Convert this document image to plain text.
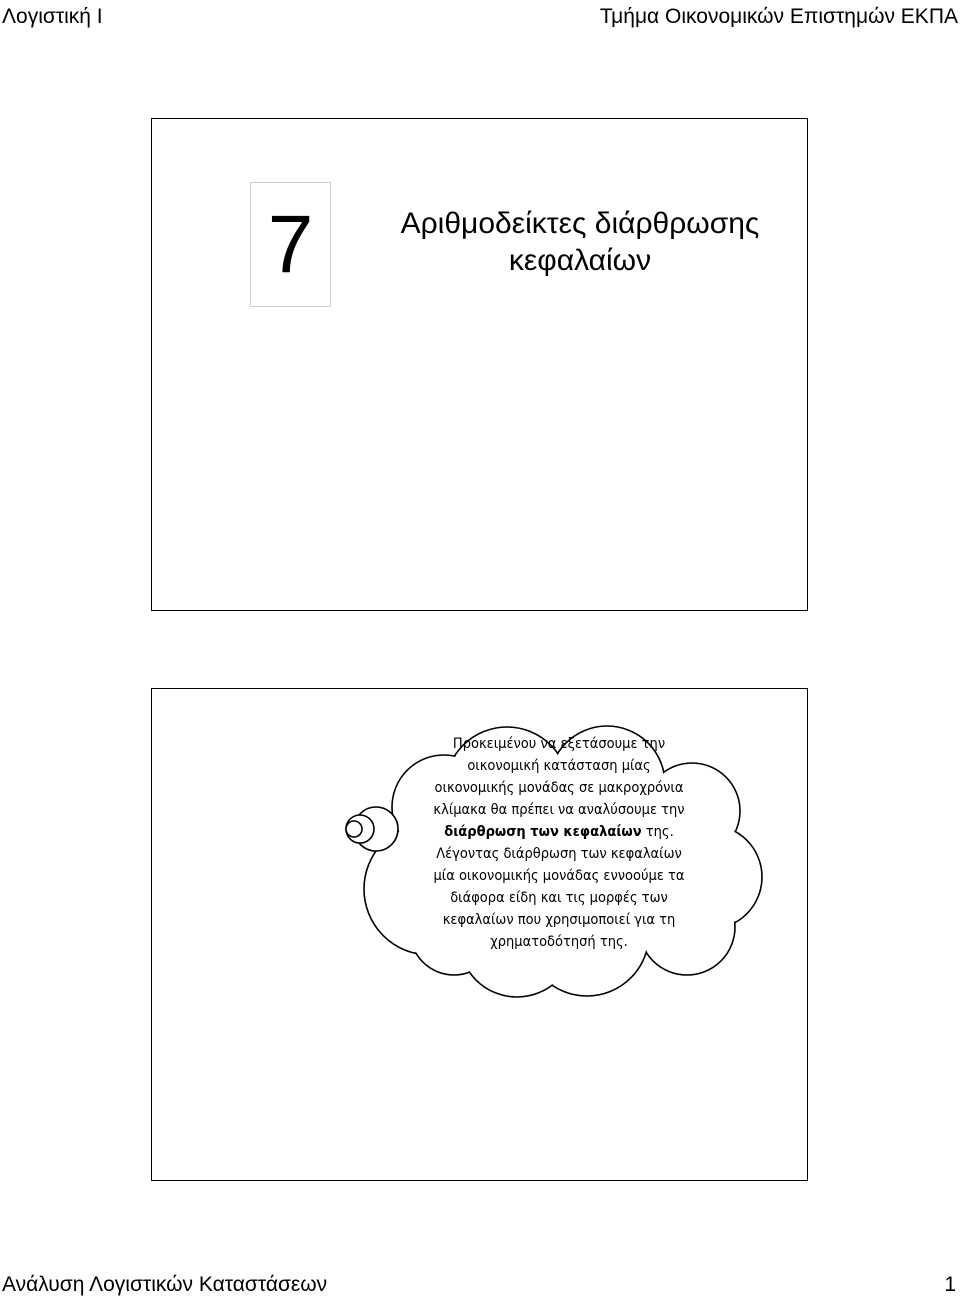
Λογιστική Ι	Τμήμα Οικονομικών Επιστημών ΕΚΠΑ
7	Αριθμοδείκτες διάρθρωσης
κεφαλαίων
Προκειμένου να εξετάσουμε την οικονομική κατάσταση μίας οικονομικής μονάδας σε μακροχρόνια κλίμακα θα πρέπει να αναλύσουμε την διάρθρωση των κεφαλαίων της. Λέγοντας διάρθρωση των κεφαλαίων μία οικονομικής μονάδας εννοούμε τα διάφορα είδη και τις μορφές των κεφαλαίων που χρησιμοποιεί για τη χρηματοδότησή της.
Ανάλυση Λογιστικών Καταστάσεων	1
